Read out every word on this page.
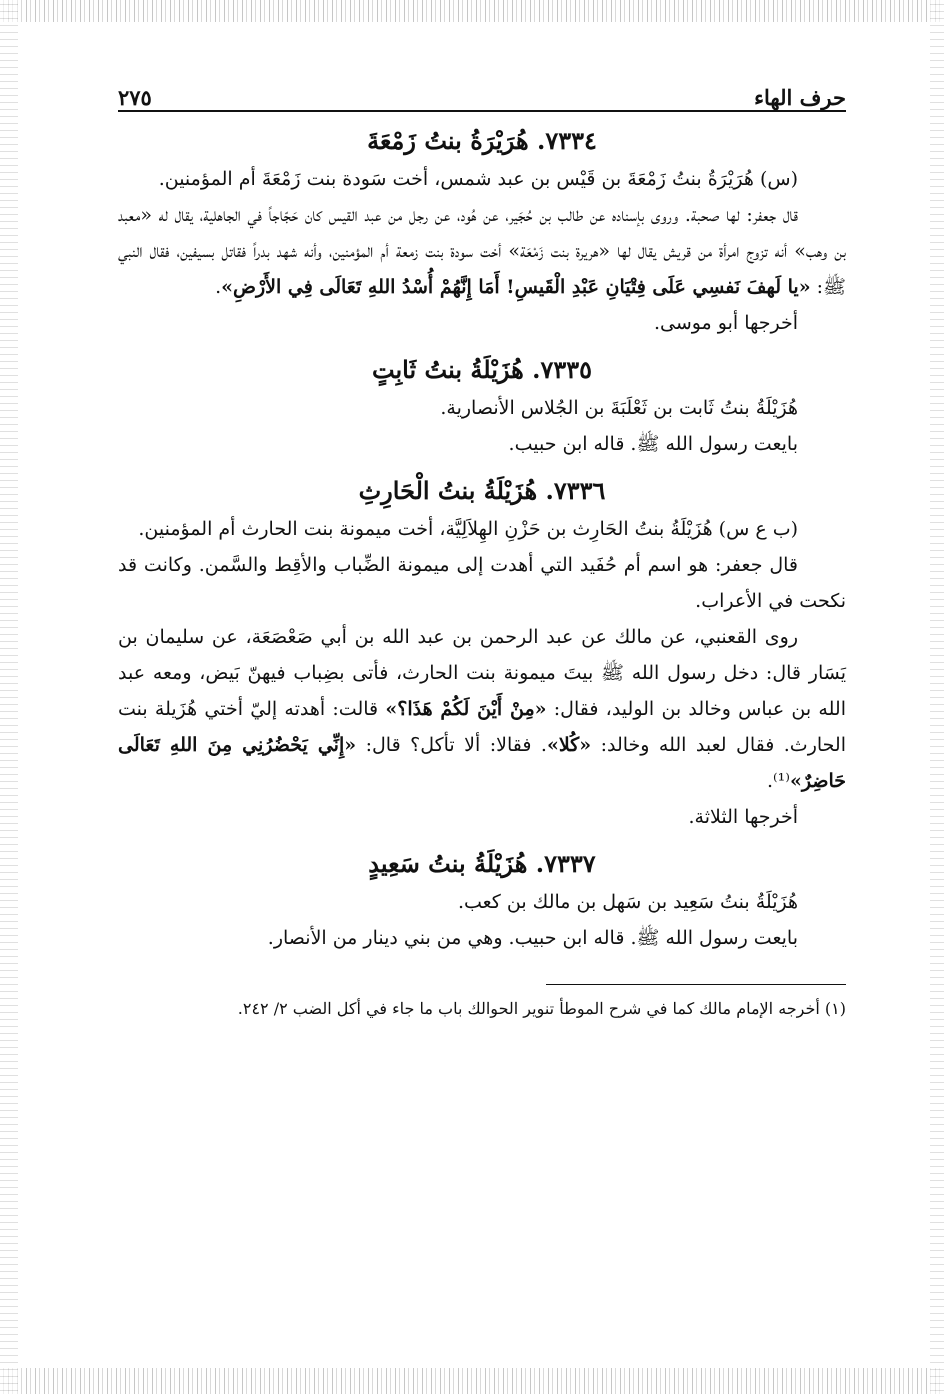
حرف الهاء
٢٧٥
٧٣٣٤. هُرَيْرَةُ بنتُ زَمْعَةَ

(س) هُرَيْرَةُ بنتُ زَمْعَةَ بن قَيْس بن عبد شمس، أخت سَودة بنت زَمْعَةَ أم المؤمنين.

قال جعفر: لها صحبة. وروى بإسناده عن طالب بن حُجَير، عن هُود، عن رجل من عبد القيس كان حَجّاجاً في الجاهلية، يقال له «معبد بن وهب» أنه تزوج امرأة من قريش يقال لها «هريرة بنت زَمْعَة» أخت سودة بنت زمعة أم المؤمنين، وأنه شهد بدراً فقاتل بسيفين، فقال النبي ﷺ: «يا لَهفَ نَفسِي عَلَى فِتْيَانِ عَبْدِ الْقَيسِ! أَمَا إِنَّهُمْ أُسْدُ اللهِ تَعَالَى فِي الأَرْضِ».

أخرجها أبو موسى.

٧٣٣٥. هُزَيْلَةُ بنتُ ثَابِتٍ

هُزَيْلَةُ بنتُ ثَابت بن ثَعْلَبَةَ بن الجُلاس الأنصارية.

بايعت رسول الله ﷺ. قاله ابن حبيب.

٧٣٣٦. هُزَيْلَةُ بنتُ الْحَارِثِ

(ب ع س) هُزَيْلَةُ بنتُ الحَارِث بن حَزْنِ الهِلاَلِيَّة، أخت ميمونة بنت الحارث أم المؤمنين.

قال جعفر: هو اسم أم حُفَيد التي أهدت إلى ميمونة الضِّباب والأقِط والسَّمن. وكانت قد نكحت في الأعراب.

روى القعنبي، عن مالك عن عبد الرحمن بن عبد الله بن أبي صَعْصَعَة، عن سليمان بن يَسَار قال: دخل رسول الله ﷺ بيتَ ميمونة بنت الحارث، فأتى بضِباب فيهنّ بَيض، ومعه عبد الله بن عباس وخالد بن الوليد، فقال: «مِنْ أَيْنَ لَكُمْ هَذَا؟» قالت: أهدته إليّ أختي هُزَيلة بنت الحارث. فقال لعبد الله وخالد: «كُلا». فقالا: ألا تأكل؟ قال: «إِنِّي يَحْضُرُنِي مِنَ اللهِ تَعَالَى حَاضِرٌ»⁽¹⁾.

أخرجها الثلاثة.

٧٣٣٧. هُزَيْلَةُ بنتُ سَعِيدٍ

هُزَيْلَةُ بنتُ سَعِيد بن سَهل بن مالك بن كعب.

بايعت رسول الله ﷺ. قاله ابن حبيب. وهي من بني دينار من الأنصار.

(١) أخرجه الإمام مالك كما في شرح الموطأ تنوير الحوالك باب ما جاء في أكل الضب ٢/ ٢٤٢.
